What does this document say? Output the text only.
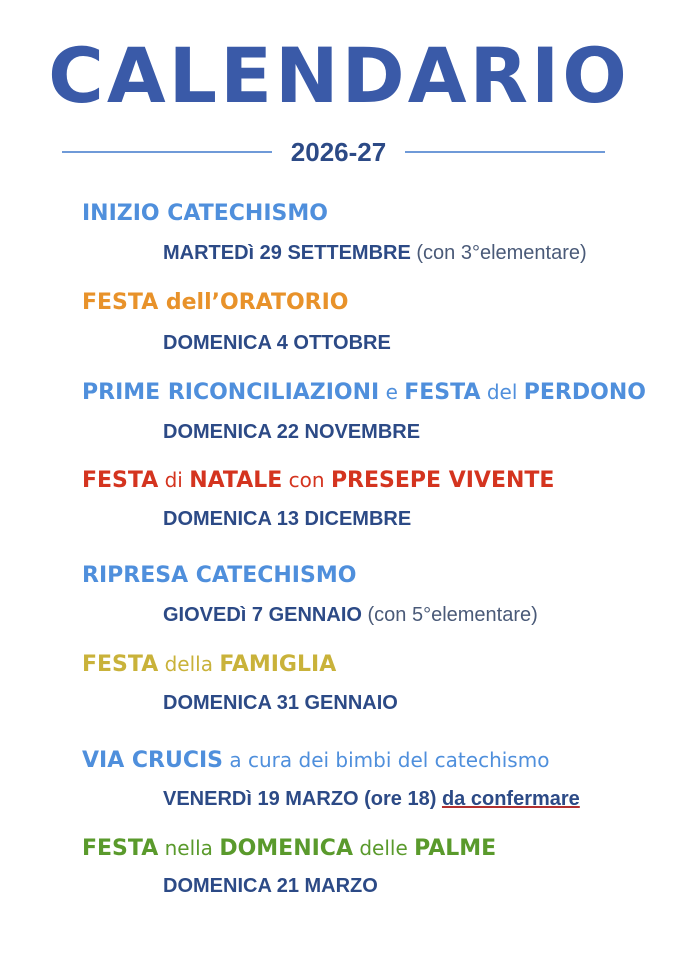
CALENDARIO
2026-27
INIZIO CATECHISMO
MARTEDì 29 SETTEMBRE (con 3°elementare)
FESTA dell’ORATORIO
DOMENICA 4 OTTOBRE
PRIME RICONCILIAZIONI e FESTA del PERDONO
DOMENICA 22 NOVEMBRE
FESTA di NATALE con PRESEPE VIVENTE
DOMENICA 13 DICEMBRE
RIPRESA CATECHISMO
GIOVEDì 7 GENNAIO (con 5°elementare)
FESTA della FAMIGLIA
DOMENICA 31 GENNAIO
VIA CRUCIS a cura dei bimbi del catechismo
VENERDì 19 MARZO (ore 18) da confermare
FESTA nella DOMENICA delle PALME
DOMENICA 21 MARZO
